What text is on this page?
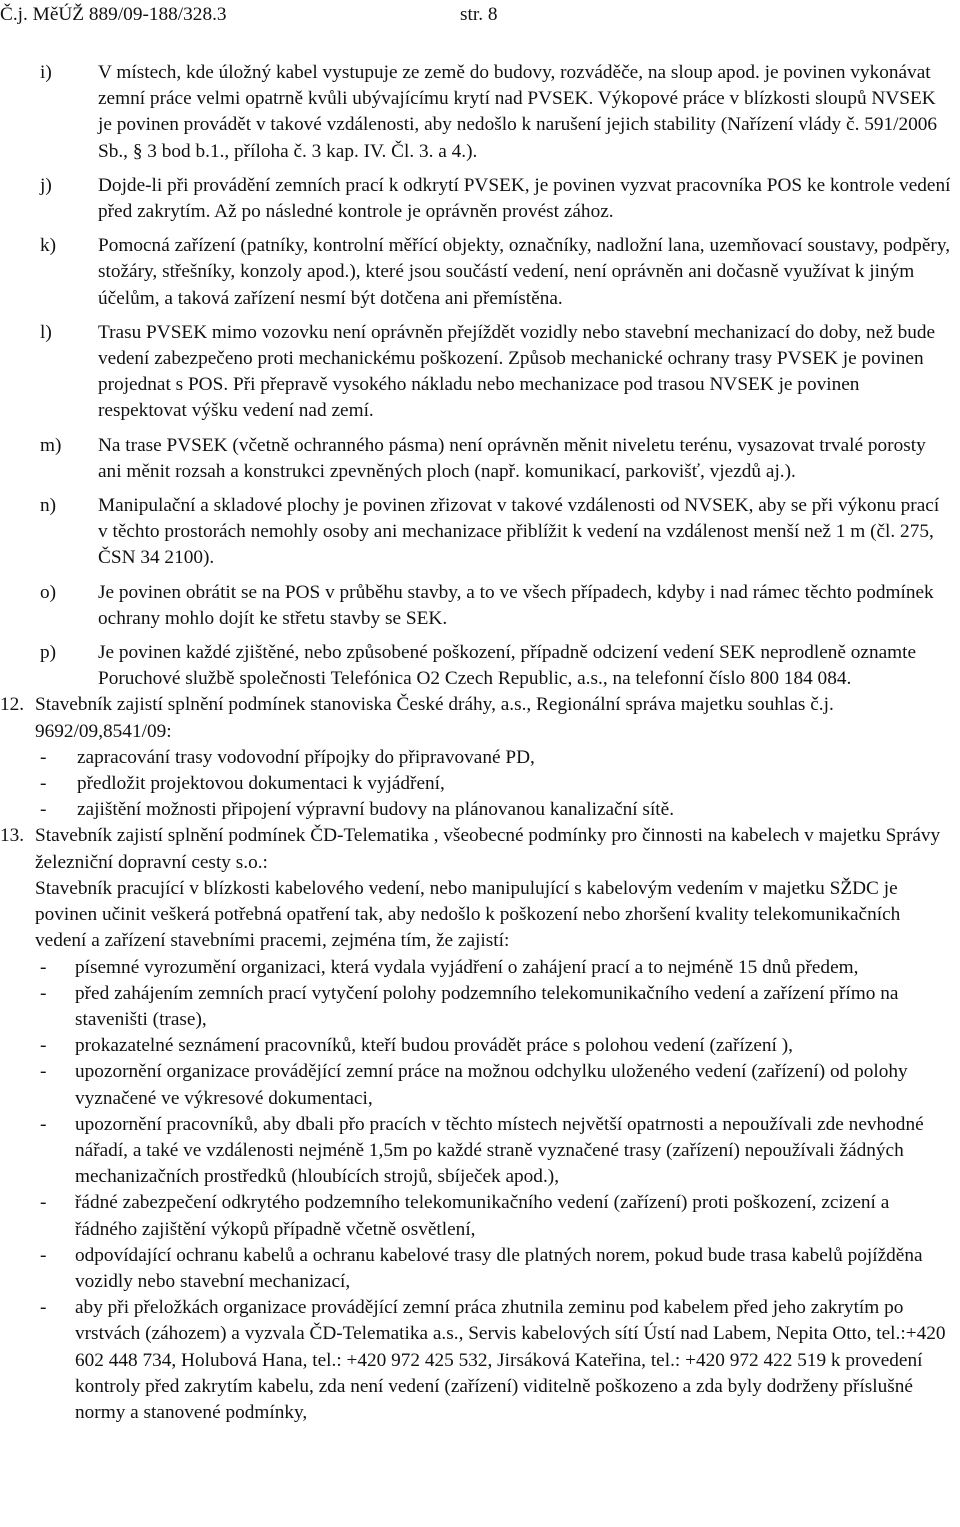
Č.j. MěÚŽ 889/09-188/328.3	str. 8
i) V místech, kde úložný kabel vystupuje ze země do budovy, rozváděče, na sloup apod. je povinen vykonávat zemní práce velmi opatrně kvůli ubývajícímu krytí nad PVSEK. Výkopové práce v blízkosti sloupů NVSEK je povinen provádět v takové vzdálenosti, aby nedošlo k narušení jejich stability (Nařízení vlády č. 591/2006 Sb., § 3 bod b.1., příloha č. 3 kap. IV. Čl. 3. a 4.).
j) Dojde-li při provádění zemních prací k odkrytí PVSEK, je povinen vyzvat pracovníka POS ke kontrole vedení před zakrytím. Až po následné kontrole je oprávněn provést zához.
k) Pomocná zařízení (patníky, kontrolní měřící objekty, označníky, nadložní lana, uzemňovací soustavy, podpěry, stožáry, střešníky, konzoly apod.), které jsou součástí vedení, není oprávněn ani dočasně využívat k jiným účelům, a taková zařízení nesmí být dotčena ani přemístěna.
l) Trasu PVSEK mimo vozovku není oprávněn přejíždět vozidly nebo stavební mechanizací do doby, než bude vedení zabezpečeno proti mechanickému poškození. Způsob mechanické ochrany trasy PVSEK je povinen projednat s POS. Při přepravě vysokého nákladu nebo mechanizace pod trasou NVSEK je povinen respektovat výšku vedení nad zemí.
m) Na trase PVSEK (včetně ochranného pásma) není oprávněn měnit niveletu terénu, vysazovat trvalé porosty ani měnit rozsah a konstrukci zpevněných ploch (např. komunikací, parkovišť, vjezdů aj.).
n) Manipulační a skladové plochy je povinen zřizovat v takové vzdálenosti od NVSEK, aby se při výkonu prací v těchto prostorách nemohly osoby ani mechanizace přiblížit k vedení na vzdálenost menší než 1 m (čl. 275, ČSN 34 2100).
o) Je povinen obrátit se na POS v průběhu stavby, a to ve všech případech, kdyby i nad rámec těchto podmínek ochrany mohlo dojít ke střetu stavby se SEK.
p) Je povinen každé zjištěné, nebo způsobené poškození, případně odcizení vedení SEK neprodleně oznamte Poruchové službě společnosti Telefónica O2 Czech Republic, a.s., na telefonní číslo 800 184 084.
12. Stavebník zajistí splnění podmínek stanoviska České dráhy, a.s., Regionální správa majetku souhlas č.j. 9692/09,8541/09:
- zapracování trasy vodovodní přípojky do připravované PD,
- předložit projektovou dokumentaci k vyjádření,
- zajištění možnosti připojení výpravní budovy na plánovanou kanalizační sítě.
13. Stavebník zajistí splnění podmínek ČD-Telematika , všeobecné podmínky pro činnosti na kabelech v majetku Správy železniční dopravní cesty s.o.:
Stavebník pracující v blízkosti kabelového vedení, nebo manipulující s kabelovým vedením v majetku SŽDC je povinen učinit veškerá potřebná opatření tak, aby nedošlo k poškození nebo zhoršení kvality telekomunikačních vedení a zařízení stavebními pracemi, zejména tím, že zajistí:
- písemné vyrozumění organizaci, která vydala vyjádření o zahájení prací a to nejméně 15 dnů předem,
- před zahájením zemních prací vytyčení polohy podzemního telekomunikačního vedení a zařízení přímo na staveništi (trase),
- prokazatelné seznámení pracovníků, kteří budou provádět práce s polohou vedení (zařízení ),
- upozornění organizace provádějící zemní práce na možnou odchylku uloženého vedení (zařízení) od polohy vyznačené ve výkresové dokumentaci,
- upozornění pracovníků, aby dbali přo pracích v těchto místech největší opatrnosti a nepoužívali zde nevhodné nářadí, a také ve vzdálenosti nejméně 1,5m po každé straně vyznačené trasy (zařízení) nepoužívali žádných mechanizačních prostředků (hloubících strojů, sbíječek apod.),
- řádné zabezpečení odkrytého podzemního telekomunikačního vedení (zařízení) proti poškození, zcizení a řádného zajištění výkopů případně včetně osvětlení,
- odpovídající ochranu kabelů a ochranu kabelové trasy dle platných norem, pokud bude trasa kabelů pojížděna vozidly nebo stavební mechanizací,
- aby při přeložkách organizace provádějící zemní práca zhutnila zeminu pod kabelem před jeho zakrytím po vrstvách (záhozem) a vyzvala ČD-Telematika a.s., Servis kabelových sítí Ústí nad Labem, Nepita Otto, tel.:+420 602 448 734, Holubová Hana, tel.: +420 972 425 532, Jirsáková Kateřina, tel.: +420 972 422 519 k provedení kontroly před zakrytím kabelu, zda není vedení (zařízení) viditelně poškozeno a zda byly dodrženy příslušné normy a stanovené podmínky,
